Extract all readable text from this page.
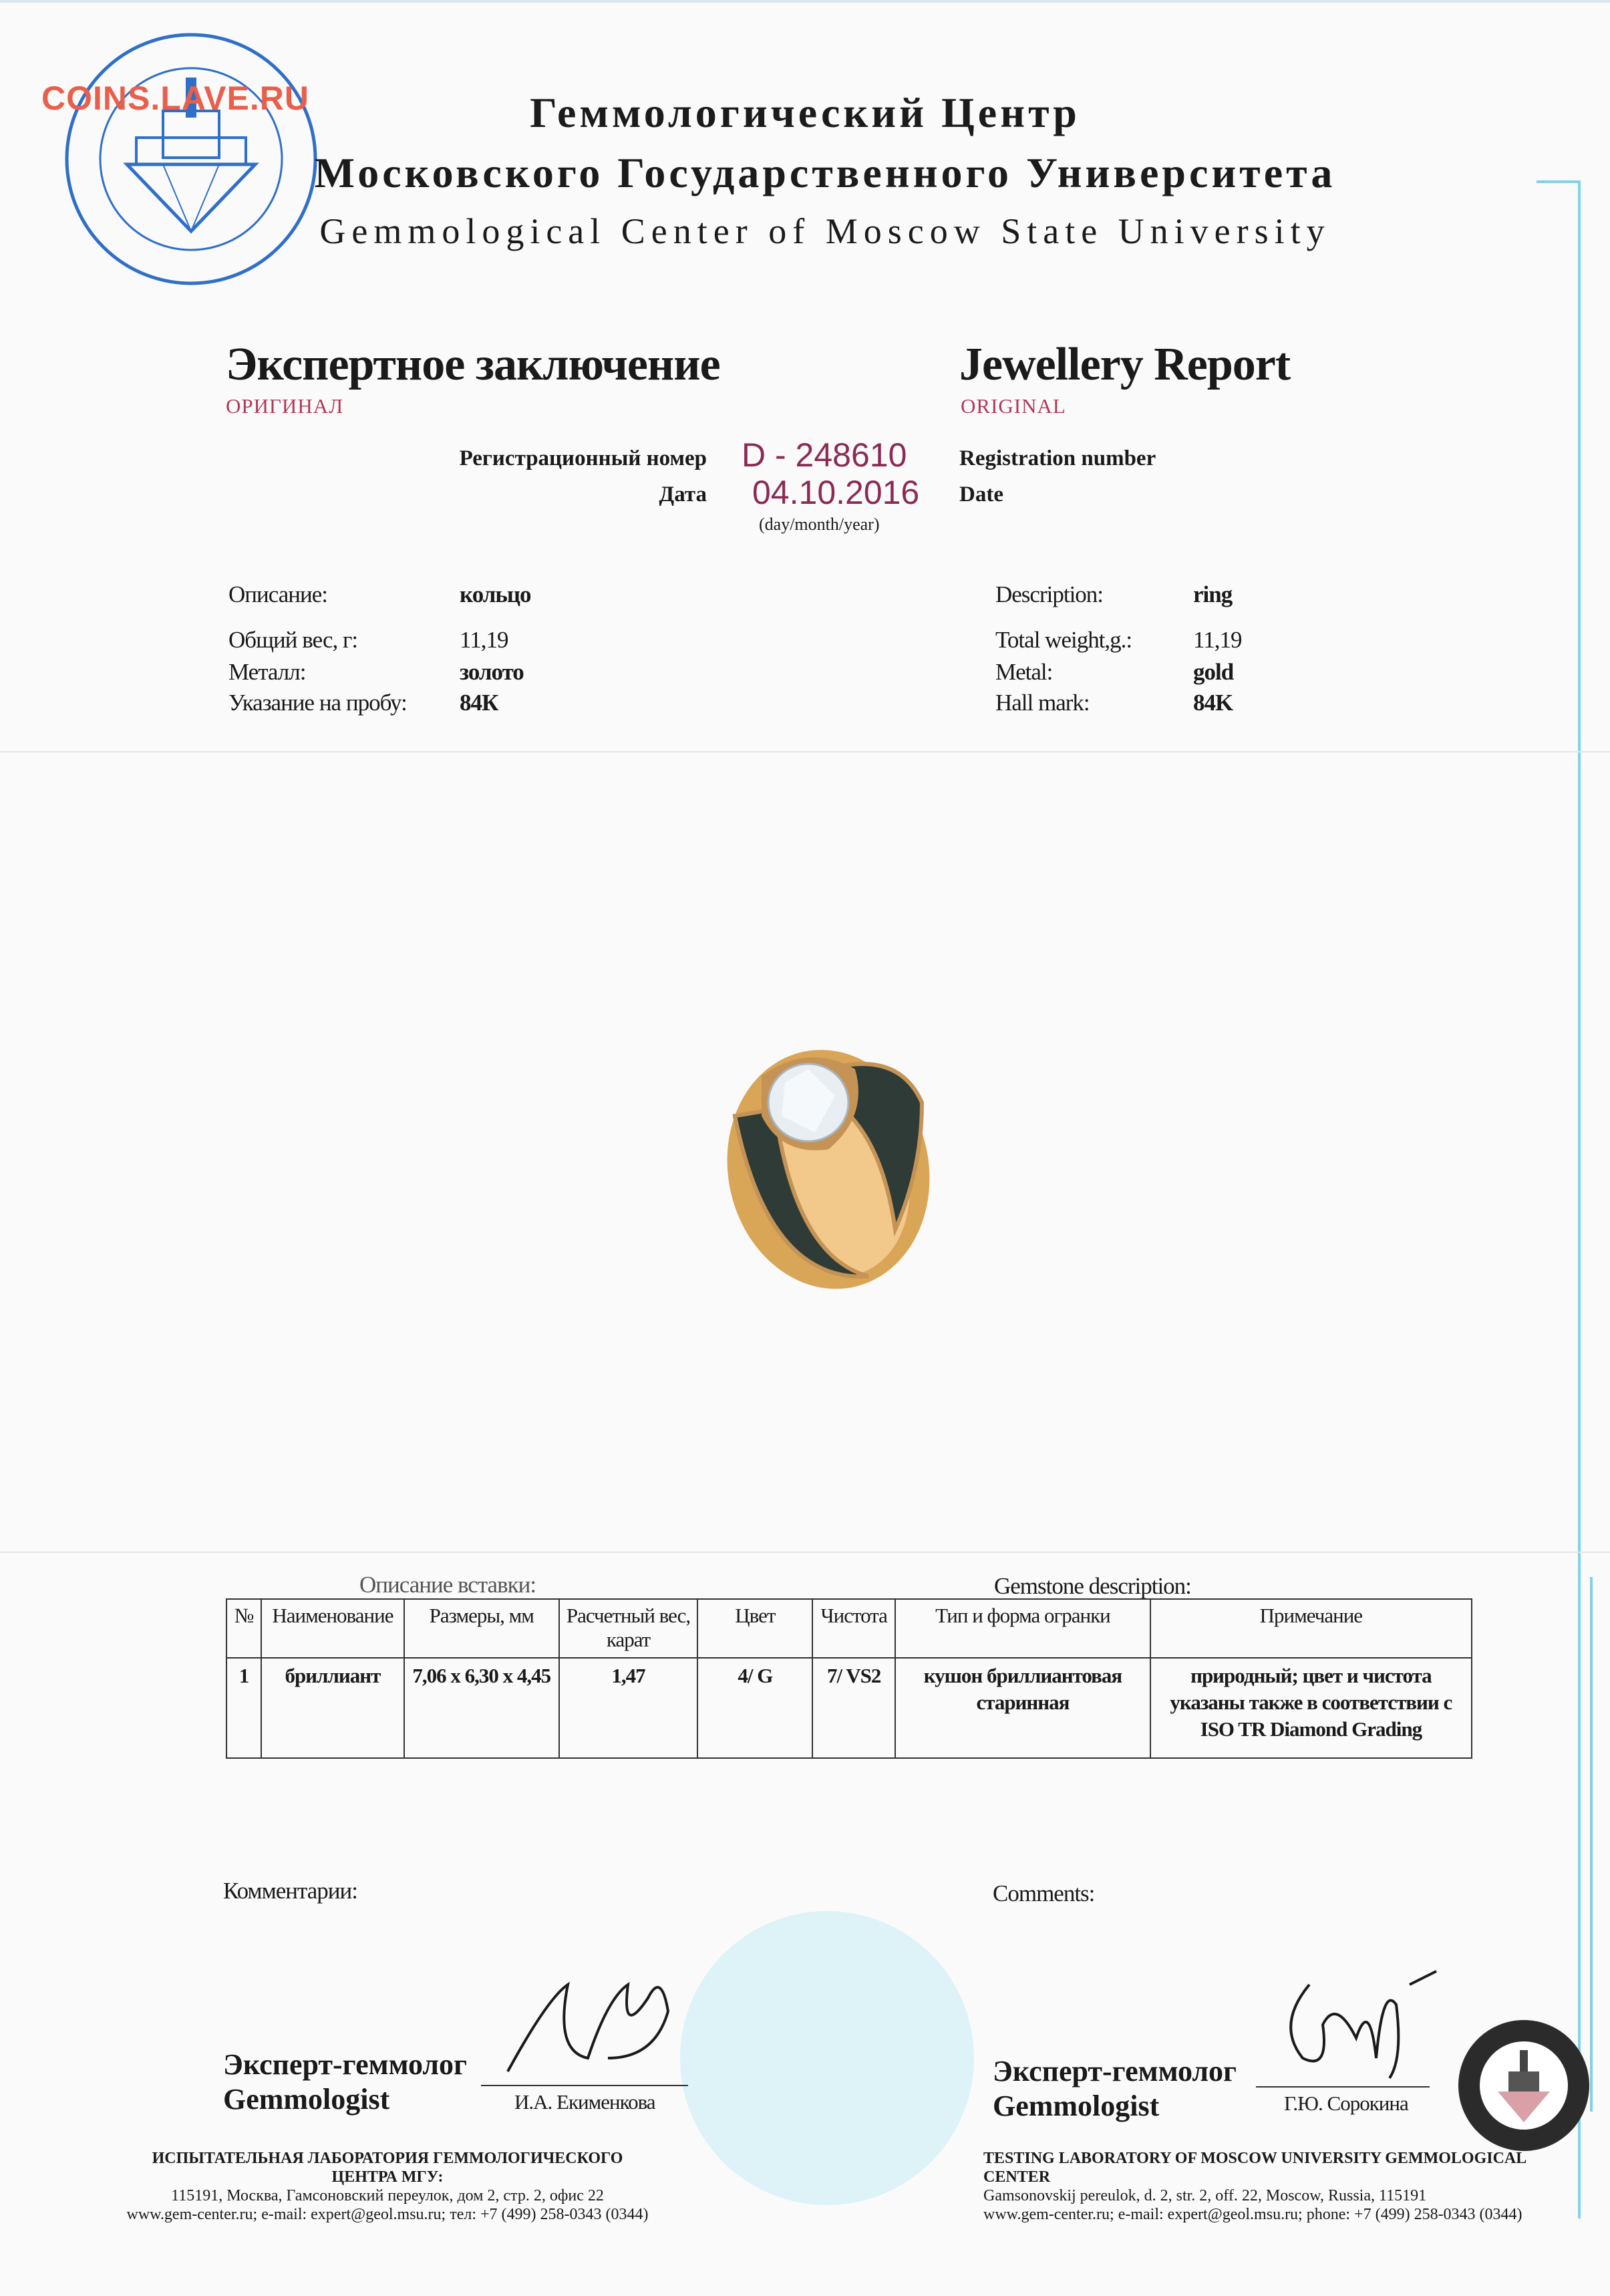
COINS.LAVE.RU	Геммологический Центр
Московского Государственного Университета
Gemmological Center of Moscow State University
Экспертное заключение
ОРИГИНАЛ
Jewellery Report
ORIGINAL
Регистрационный номер D - 248610 Registration number
Дата 04.10.2016 Date
(day/month/year)
Описание:	кольцо
Общий вес, г:	11,19
Металл:	золото
Указание на пробу: 84К
Description:	ring
Total weight,g.:	11,19
Metal:	gold
Hall mark:	84K
Описание вставки:	Gemstone description:
№	Наименование	Размеры, мм	Расчетный вес, карат	Цвет	Чистота	Тип и форма огранки	Примечание
1	бриллиант	7,06 х 6,30 х 4,45	1,47	4/ G	7/ VS2	кушон бриллиантовая старинная	природный; цвет и чистота указаны также в соответствии с ISO TR Diamond Grading
Комментарии:	Comments:
Эксперт-геммолог
Gemmologist	И.А. Екименкова
Эксперт-геммолог
Gemmologist	Г.Ю. Сорокина
ИСПЫТАТЕЛЬНАЯ ЛАБОРАТОРИЯ ГЕММОЛОГИЧЕСКОГО ЦЕНТРА МГУ:
115191, Москва, Гамсоновский переулок, дом 2, стр. 2, офис 22
www.gem-center.ru; e-mail: expert@geol.msu.ru; тел: +7 (499) 258-0343 (0344)
TESTING LABORATORY OF MOSCOW UNIVERSITY GEMMOLOGICAL CENTER
Gamsonovskij pereulok, d. 2, str. 2, off. 22, Moscow, Russia, 115191
www.gem-center.ru; e-mail: expert@geol.msu.ru; phone: +7 (499) 258-0343 (0344)
